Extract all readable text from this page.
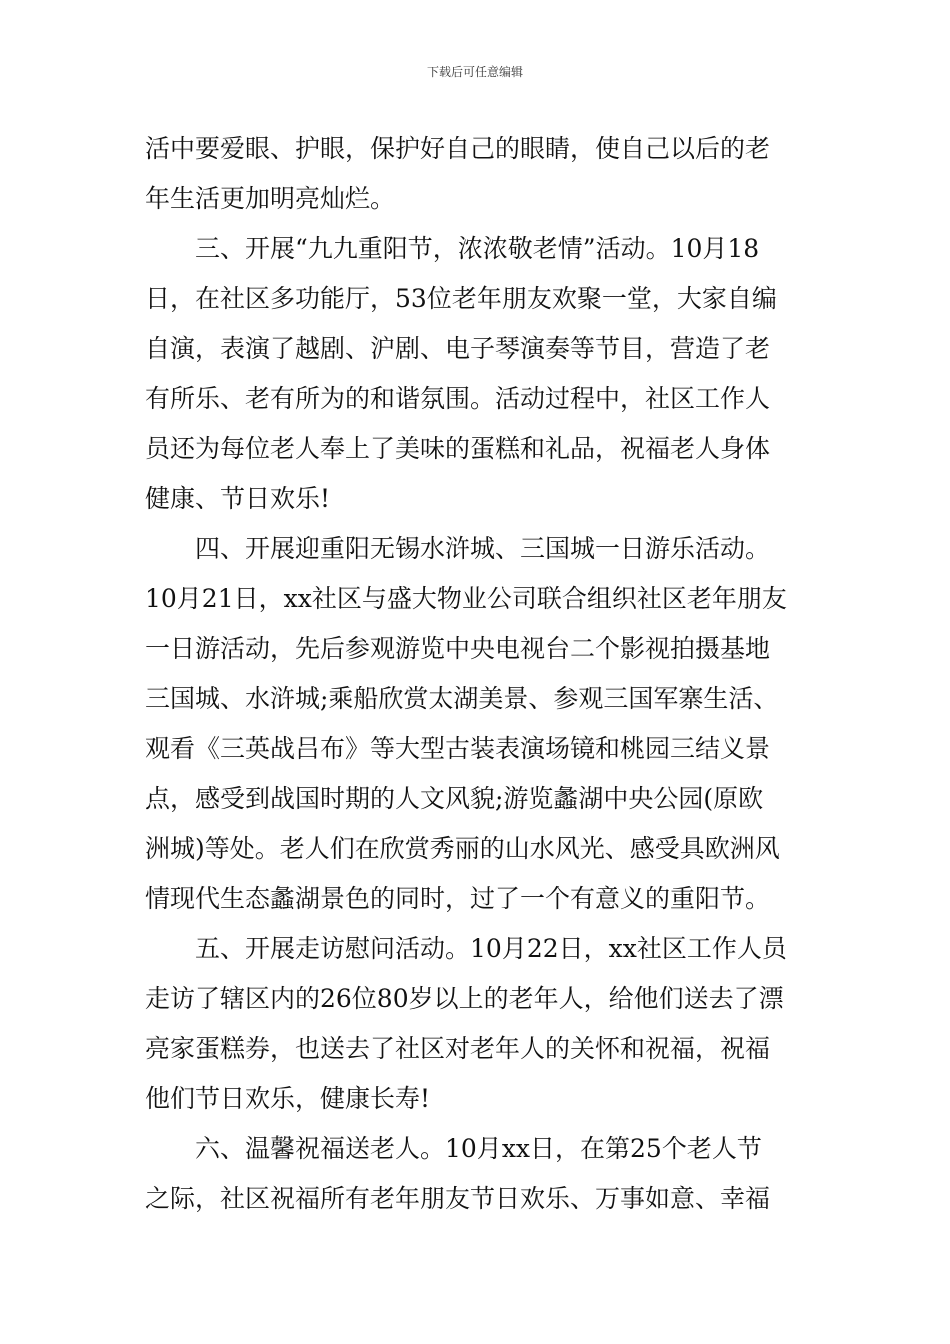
下载后可任意编辑
活中要爱眼、护眼，保护好自己的眼睛，使自己以后的老
年生活更加明亮灿烂。
三、开展“九九重阳节，浓浓敬老情”活动。10月18
日，在社区多功能厅，53位老年朋友欢聚一堂，大家自编
自演，表演了越剧、沪剧、电子琴演奏等节目，营造了老
有所乐、老有所为的和谐氛围。活动过程中，社区工作人
员还为每位老人奉上了美味的蛋糕和礼品，祝福老人身体
健康、节日欢乐!
四、开展迎重阳无锡水浒城、三国城一日游乐活动。
10月21日，xx社区与盛大物业公司联合组织社区老年朋友
一日游活动，先后参观游览中央电视台二个影视拍摄基地
三国城、水浒城;乘船欣赏太湖美景、参观三国军寨生活、
观看《三英战吕布》等大型古装表演场镜和桃园三结义景
点，感受到战国时期的人文风貌;游览蠡湖中央公园(原欧
洲城)等处。老人们在欣赏秀丽的山水风光、感受具欧洲风
情现代生态蠡湖景色的同时，过了一个有意义的重阳节。
五、开展走访慰问活动。10月22日，xx社区工作人员
走访了辖区内的26位80岁以上的老年人，给他们送去了漂
亮家蛋糕券，也送去了社区对老年人的关怀和祝福，祝福
他们节日欢乐，健康长寿!
六、温馨祝福送老人。10月xx日，在第25个老人节
之际，社区祝福所有老年朋友节日欢乐、万事如意、幸福
